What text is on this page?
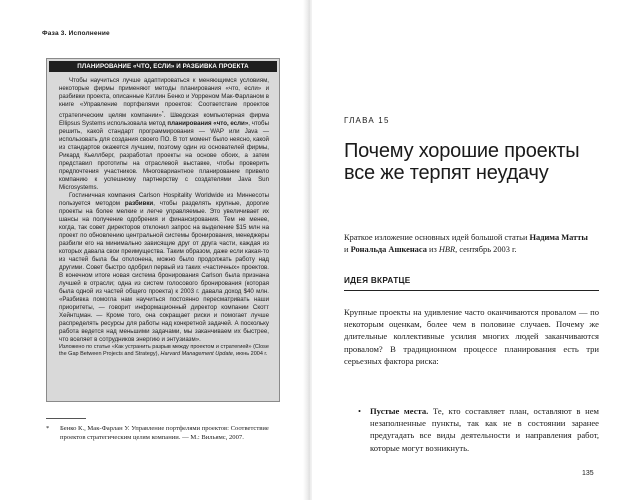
Фаза 3. Исполнение
ПЛАНИРОВАНИЕ «ЧТО, ЕСЛИ» И РАЗБИВКА ПРОЕКТА

Чтобы научиться лучше адаптироваться к меняющимся условиям, некоторые фирмы применяют методы планирования «что, если» и разбивки проекта, описанные Кэтлин Бенко и Уорреном Мак-Фарланом в книге «Управление портфелями проектов: Соответствие проектов стратегическим целям компании»*. Шведская компьютерная фирма Ellipsus Systems использовала метод планирования «что, если», чтобы решить, какой стандарт программирования — WAP или Java — использовать для создания своего ПО. В тот момент было неясно, какой из стандартов окажется лучшим, поэтому один из основателей фирмы, Рикард Кьеллберг, разработал проекты на основе обоих, а затем представил прототипы на отраслевой выставке, чтобы проверить предпочтения участников. Многовариантное планирование привело компанию к успешному партнерству с создателями Java Sun Microsystems.

Гостиничная компания Carlson Hospitality Worldwide из Миннесоты пользуется методом разбивки, чтобы разделять крупные, дорогие проекты на более мелкие и легче управляемые. Это увеличивает их шансы на получение одобрения и финансирования. Тем не менее, когда, так совет директоров отклонил запрос на выделение $15 млн на проект по обновлению центральной системы бронирования, менеджеры разбили его на минимально зависящие друг от друга части, каждая из которых давала свои преимущества. Таким образом, даже если какая-то из частей была бы отклонена, можно было продолжать работу над другими. Совет быстро одобрил первый из таких «частичных» проектов. В конечном итоге новая система бронирования Carlson была признана лучшей в отрасли; одна из систем голосового бронирования (которая была одной из частей общего проекта) к 2003 г. давала доход $40 млн. «Разбивка помогла нам научиться постоянно пересматривать наши приоритеты, — говорит информационный директор компании Скотт Хейнтцман. — Кроме того, она сокращает риски и помогает лучше распределять ресурсы для работы над конкретной задачей. А поскольку работа ведется над меньшими задачами, мы заканчиваем их быстрее, что вселяет в сотрудников энергию и энтузиазм».

Изложено по статье «Как устранить разрыв между проектом и стратегией» (Close the Gap Between Projects and Strategy), Harvard Management Update, июнь 2004 г.

*	Бенко К., Мак-Фарлан У. Управление портфелями проектов: Соответствие проектов стратегическим целям компании. — М.: Вильямс, 2007.
ГЛАВА 15
Почему хорошие проекты все же терпят неудачу
Краткое изложение основных идей большой статьи Надима Матты и Рональда Ашкенаса из HBR, сентябрь 2003 г.
ИДЕЯ ВКРАТЦЕ

Крупные проекты на удивление часто оканчиваются провалом — по некоторым оценкам, более чем в половине случаев. Почему же длительные коллективные усилия многих людей заканчиваются провалом? В традиционном процессе планирования есть три серьезных фактора риска:

•	Пустые места. Те, кто составляет план, оставляют в нем незаполненные пункты, так как не в состоянии заранее предугадать все виды деятельности и направления работ, которые могут возникнуть.
135
